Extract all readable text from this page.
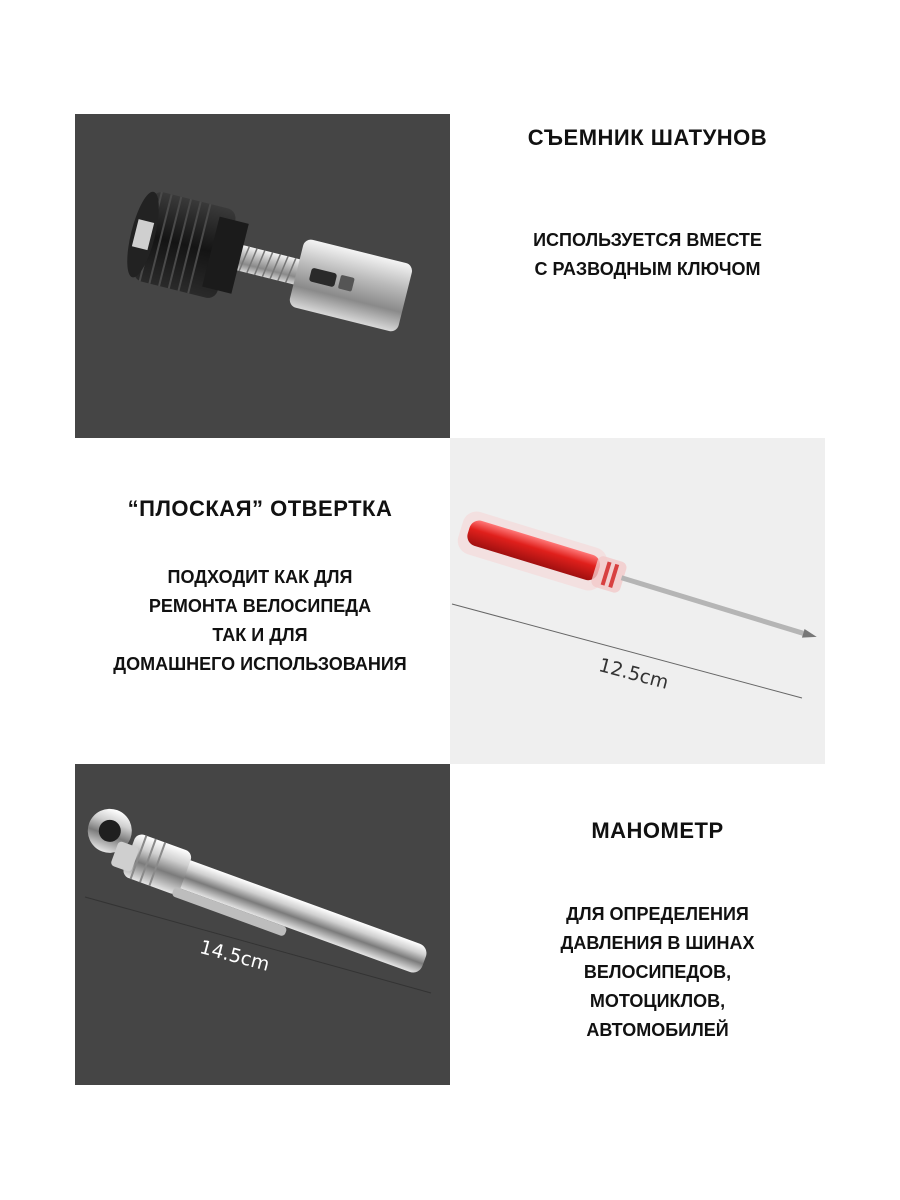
СЪЕМНИК ШАТУНОВ
ИСПОЛЬЗУЕТСЯ ВМЕСТЕ
С РАЗВОДНЫМ КЛЮЧОМ
“ПЛОСКАЯ” ОТВЕРТКА
ПОДХОДИТ КАК ДЛЯ
РЕМОНТА ВЕЛОСИПЕДА
ТАК И ДЛЯ
ДОМАШНЕГО ИСПОЛЬЗОВАНИЯ	12.5cm
14.5cm
МАНОМЕТР
ДЛЯ ОПРЕДЕЛЕНИЯ
ДАВЛЕНИЯ В ШИНАХ
ВЕЛОСИПЕДОВ,
МОТОЦИКЛОВ,
АВТОМОБИЛЕЙ
